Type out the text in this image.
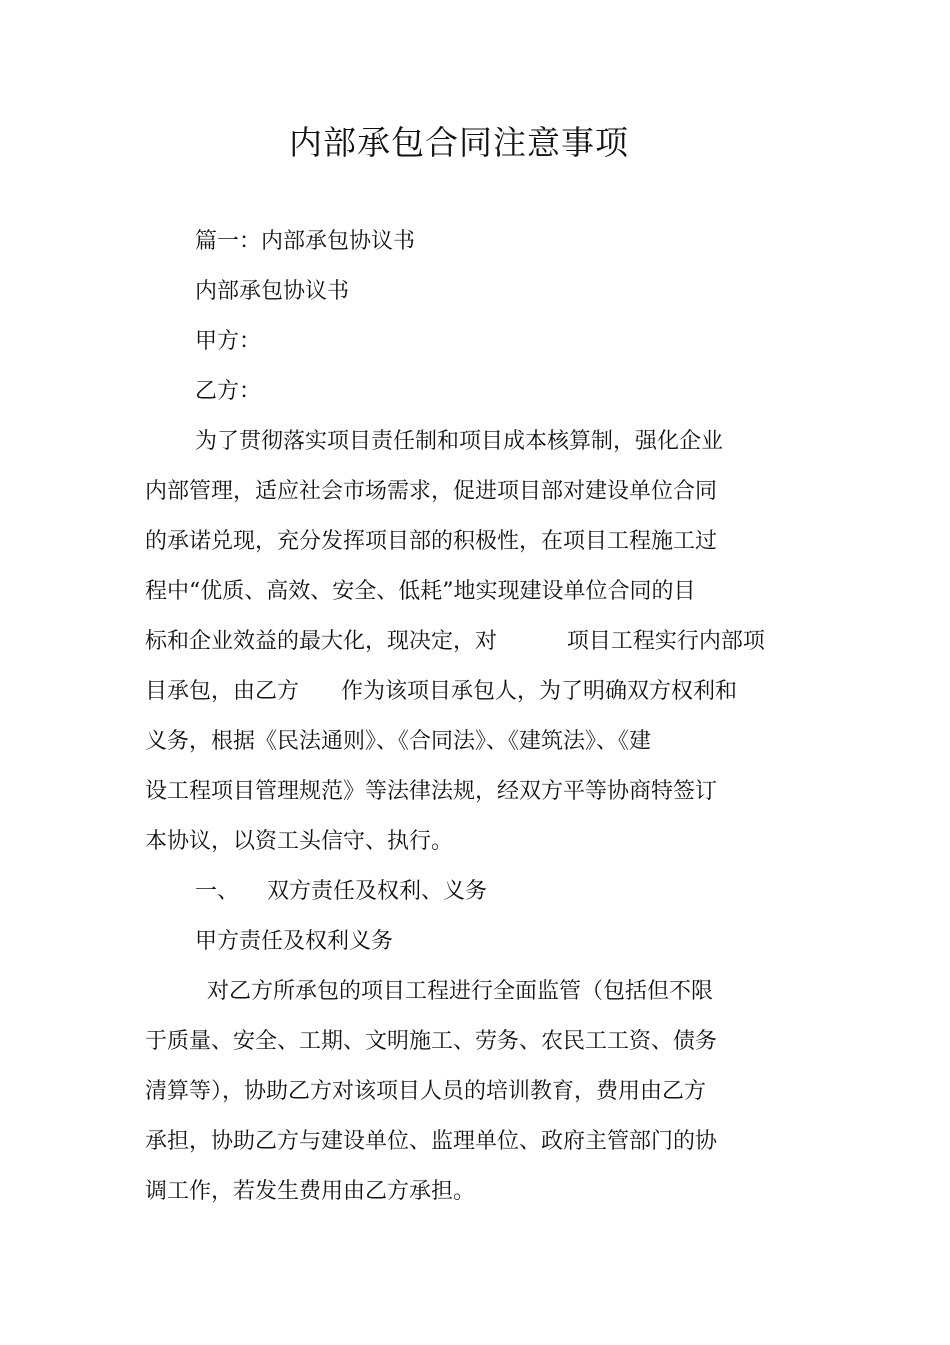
内部承包合同注意事项

篇一：内部承包协议书

内部承包协议书

甲方：

乙方：

为了贯彻落实项目责任制和项目成本核算制，强化企业

内部管理，适应社会市场需求，促进项目部对建设单位合同

的承诺兑现，充分发挥项目部的积极性，在项目工程施工过

程中“优质、高效、安全、低耗”地实现建设单位合同的目

标和企业效益的最大化，现决定，对          项目工程实行内部项

目承包，由乙方      作为该项目承包人，为了明确双方权利和

义务，根据《民法通则》、《合同法》、《建筑法》、《建

设工程项目管理规范》等法律法规，经双方平等协商特签订

本协议，以资工头信守、执行。

一、    双方责任及权利、义务

甲方责任及权利义务

对乙方所承包的项目工程进行全面监管（包括但不限

于质量、安全、工期、文明施工、劳务、农民工工资、债务

清算等），协助乙方对该项目人员的培训教育，费用由乙方

承担，协助乙方与建设单位、监理单位、政府主管部门的协

调工作，若发生费用由乙方承担。
